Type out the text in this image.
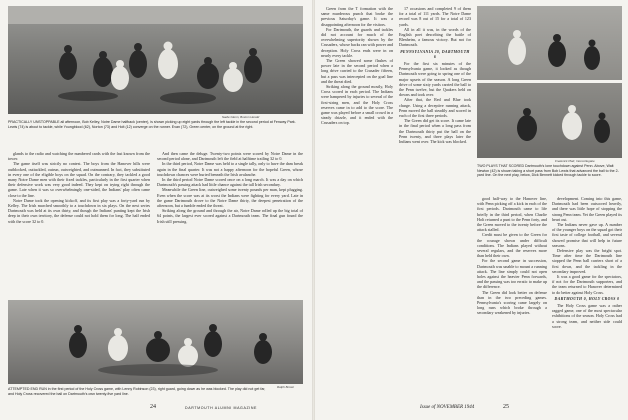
Sadie Glenn, Boston Herald
PRACTICALLY UNSTOPPABLE all afternoon, Bob Kelley, Notre Dame halfback (center), is shown picking up eight yards through the left tackle in the second period at Fenway Park. Lewis (74) is about to tackle, while Youngblood (62), Norton (73) and Holt (12) converge on the runner. Evan (72), Green center, on the ground at the right.

glands to the radio and watching the numbered cards with the fast known from the tower.

The game itself was strictly no contest. The boys from the Hanover hills were outblocked, outtackled, outrun, outweighted, and outmanned. In fact, they substituted in every one of the eligible boys on the squad. On the contrary, they tackled a good many Notre Dame men with their fixed tackles, particularly in the first quarter when their defensive work was very good indeed. They kept on trying right through the game. Late when it was so overwhelmingly one-sided, the Indians' play often came close to the line.

Notre Dame took the opening kickoff, and its first play was a forty-yard run by Kelley. The Irish marched smoothly to a touchdown in six plays. On the next series Dartmouth was held at its own thirty, and though the Indians' punting kept the Irish deep in their own territory, the defense could not hold them for long. The half ended with the score 32 to 0.

And then came the deluge. Twenty-two points were scored by Notre Dame in the second period alone, and Dartmouth left the field at halftime trailing 32 to 0.

In the third period, Notre Dame was held to a single tally, only to have the dam break again in the final quarter. It was not a happy afternoon for the hopeful Green, whose touchdown chances were buried beneath the Irish avalanche.

In the third period Notre Dame scored once on a long march. It was a day on which Dartmouth's passing attack had little chance against the tall Irish secondary.

Meanwhile the Green line, outweighed some twenty pounds per man, kept plugging. Even when the score was at its worst the Indians were fighting for every yard. Late in the game Dartmouth drove to the Notre Dame thirty, the deepest penetration of the afternoon, but a fumble ended the threat.

Striking along the ground and through the air, Notre Dame rolled up the big total of 64 points, the largest ever scored against a Dartmouth team. The final gun found the Irish still pressing.

Ralph Brown
ATTEMPTED END RUN in the first period of the Holy Cross game, with Lenny Robinson (23), right guard, going down as he was blocked. The play did not get far, and Holy Cross recovered the ball on Dartmouth's own twenty-five yard line.
24	DARTMOUTH ALUMNI MAGAZINE

Green from the T formation with the same murderous punch that broke the previous Saturday's game. It was a disappointing afternoon for the visitors.

For Dartmouth, the guards and tackles did not account for much of the overwhelming superiority shown by the Crusaders, whose backs ran with power and deception. Holy Cross ends were in on nearly every tackle.

The Green showed some flashes of power late in the second period when a long drive carried to the Crusader fifteen, but a pass was intercepted on the goal line and the threat died.

Striking along the ground mostly, Holy Cross scored in each period. The Indians were hampered by injuries to several of the first-string men, and the Holy Cross reserves came in to add to the score. The game was played before a small crowd in a steady drizzle, and it ended with the Crusaders on top.

17 occasions and completed 9 of them for a total of 111 yards. The Notre Dame record was 8 out of 15 for a total of 123 yards.

All in all it was, in the words of the English poet describing the battle of Blenheim, a famous victory. But not for Dartmouth.

PENNSYLVANIA 20, DARTMOUTH 6

For the first six minutes of the Pennsylvania game, it looked as though Dartmouth were going to spring one of the major upsets of the season. A long Green drive of some sixty yards carried the ball to the Penn twelve, but the Quakers held on downs and took over.

After that, the Red and Blue took charge. Using a deceptive running attack, Penn moved the ball steadily and scored in each of the first three periods.

The Green did get its score. It came late in the final period when a long pass from the Dartmouth thirty put the ball on the Penn twenty, and three plays later the Indians went over. The kick was blocked.

Frederick Platt, Intercollegiate
TWO PLAYS THAT SCORED Dartmouth's lone touchdown against Penn. Above, Walt Newton (42) is shown taking a short pass from Bob Lewis that advanced the ball to the 2-yard line. On the next play, below, Dick Bennett kicked through tackle to score.

good half-way to the Hanover line, with Penn picking off a kick in each of the first periods. Dartmouth came to life briefly in the third period, when Charlie Holt returned a punt to the Penn forty, and the Green moved to the twenty before the attack stalled.

Credit must be given to the Green for the courage shown under difficult conditions. The Indians played without several regulars, and the reserves more than held their own.

For the second game in succession, Dartmouth was unable to mount a running attack. The line simply could not open holes against the heavier Penn forwards, and the passing was too erratic to make up the difference.

The Green did look better on defense than in the two preceding games. Pennsylvania's scoring came largely on long runs which broke through a secondary weakened by injuries.

development. Coming into this game, Dartmouth had been outscored heavily, and there was little hope of stopping the strong Penn team. Yet the Green played its heart out.

The Indians never gave up. A number of the younger boys on the squad got their first taste of college football, and several showed promise that will help in future seasons.

Defensive play was the bright spot. Time after time the Dartmouth line stopped the Penn ball carriers short of a first down, and the tackling in the secondary improved.

It was a good game for the spectators, if not for the Dartmouth supporters, and the team returned to Hanover determined to do better against Holy Cross.

DARTMOUTH 0, HOLY CROSS 0

The Holy Cross game was a rather ragged game, one of the most spectacular exhibitions of the season. Holy Cross had a strong team, and neither side could score.

Issue of NOVEMBER 1944	25
